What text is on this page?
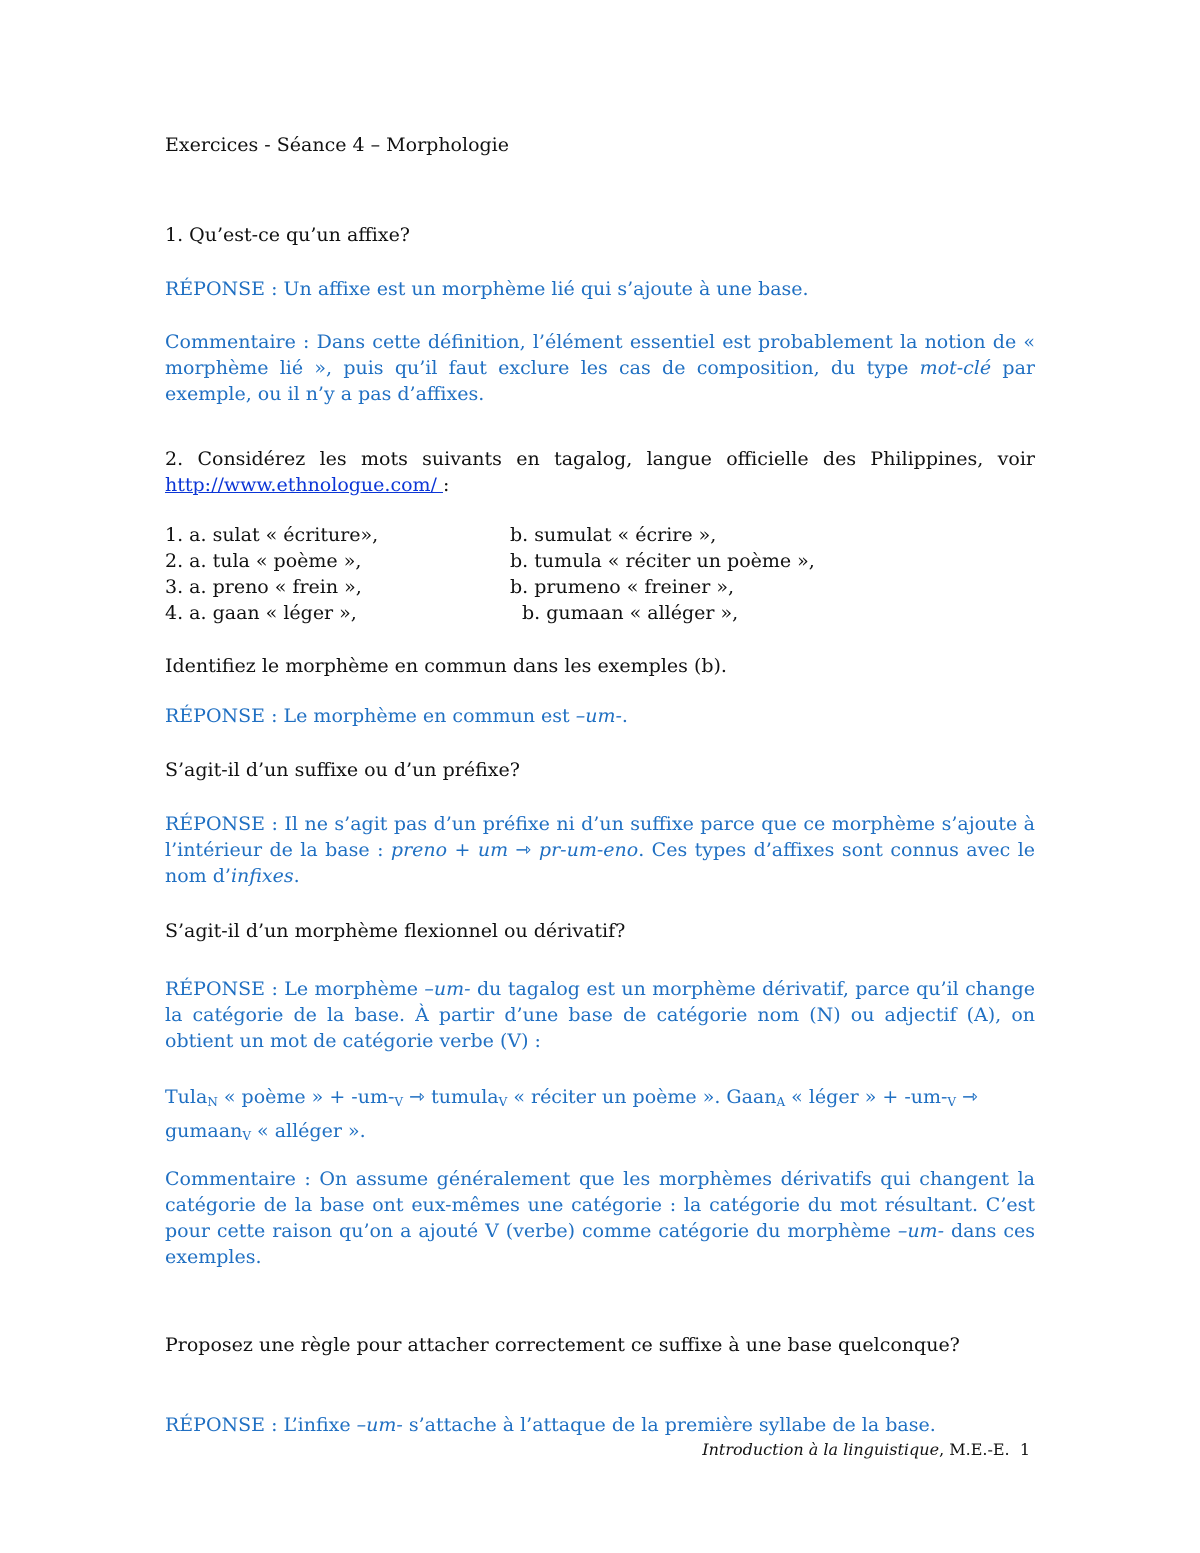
Exercices - Séance 4 – Morphologie
1. Qu’est-ce qu’un affixe?
RÉPONSE : Un affixe est un morphème lié qui s’ajoute à une base.
Commentaire : Dans cette définition, l’élément essentiel est probablement la notion de « morphème lié », puis qu’il faut exclure les cas de composition, du type mot-clé par exemple, ou il n’y a pas d’affixes.
2. Considérez les mots suivants en tagalog, langue officielle des Philippines, voir http://www.ethnologue.com/ :
1. a. sulat « écriture»,	b. sumulat « écrire »,
2. a. tula « poème »,	b. tumula « réciter un poème »,
3. a. preno « frein »,	b. prumeno « freiner »,
4. a. gaan « léger »,	b. gumaan « alléger »,
Identifiez le morphème en commun dans les exemples (b).
RÉPONSE : Le morphème en commun est –um-.
S’agit-il d’un suffixe ou d’un préfixe?
RÉPONSE : Il ne s’agit pas d’un préfixe ni d’un suffixe parce que ce morphème s’ajoute à l’intérieur de la base : preno + um ⇾ pr-um-eno. Ces types d’affixes sont connus avec le nom d’infixes.
S’agit-il d’un morphème flexionnel ou dérivatif?
RÉPONSE : Le morphème –um- du tagalog est un morphème dérivatif, parce qu’il change la catégorie de la base. À partir d’une base de catégorie nom (N) ou adjectif (A), on obtient un mot de catégorie verbe (V) :
Tula$_N$ « poème » + $-um-_V$ ⇾ tumula$_V$ « réciter un poème ». Gaan$_A$ « léger » + $-um-_V$ ⇾ gumaan$_V$ « alléger ».
Commentaire : On assume généralement que les morphèmes dérivatifs qui changent la catégorie de la base ont eux-mêmes une catégorie : la catégorie du mot résultant. C’est pour cette raison qu’on a ajouté V (verbe) comme catégorie du morphème –um- dans ces exemples.
Proposez une règle pour attacher correctement ce suffixe à une base quelconque?
RÉPONSE : L’infixe –um- s’attache à l’attaque de la première syllabe de la base.
Introduction à la linguistique, M.E.-E. 1
